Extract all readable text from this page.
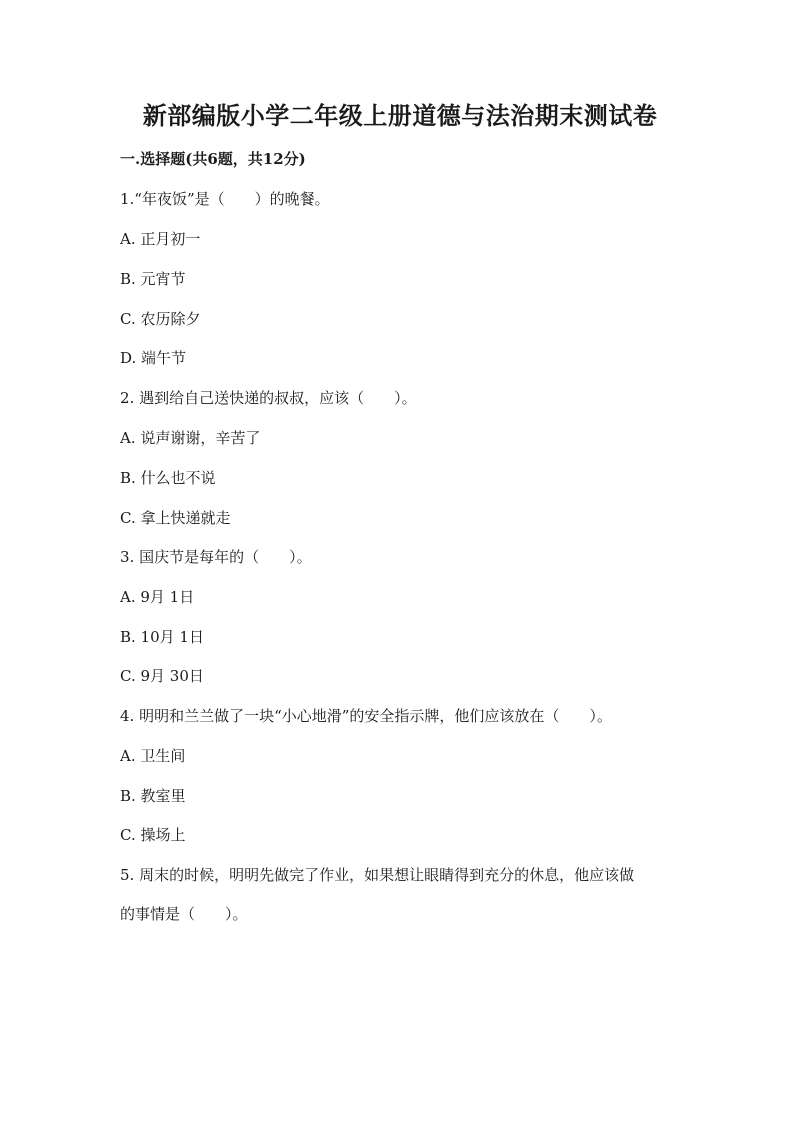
新部编版小学二年级上册道德与法治期末测试卷
一.选择题(共6题，共12分)
1.“年夜饭”是（　　）的晚餐。
A. 正月初一
B. 元宵节
C. 农历除夕
D. 端午节
2. 遇到给自己送快递的叔叔，应该（　　）。
A. 说声谢谢，辛苦了
B. 什么也不说
C. 拿上快递就走
3. 国庆节是每年的（　　）。
A. 9月 1日
B. 10月 1日
C. 9月 30日
4. 明明和兰兰做了一块“小心地滑”的安全指示牌，他们应该放在（　　）。
A. 卫生间
B. 教室里
C. 操场上
5. 周末的时候，明明先做完了作业，如果想让眼睛得到充分的休息，他应该做
的事情是（　　）。
